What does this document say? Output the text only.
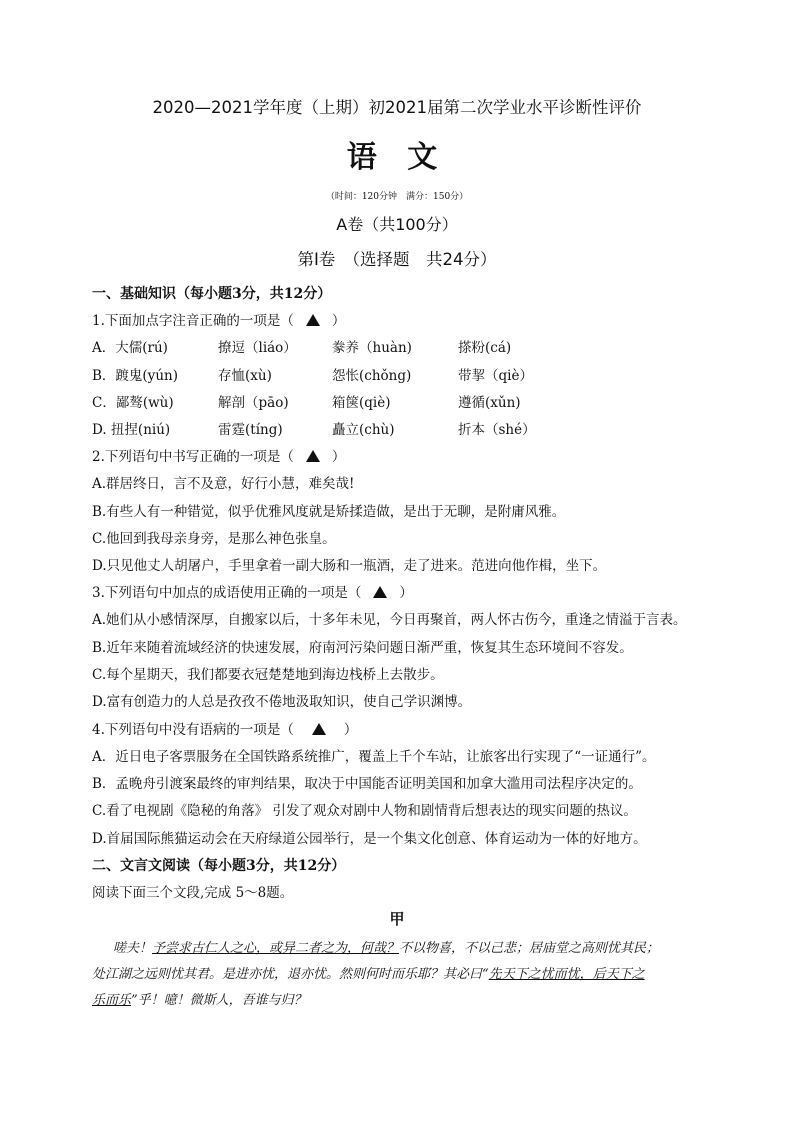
2020—2021学年度（上期）初2021届第二次学业水平诊断性评价
语 文
（时间：120分钟　满分：150分）
A卷（共100分）
第Ⅰ卷　（选择题　共24分）
一、基础知识（每小题3分，共12分）
1.下面加点字注音正确的一项是（	）
A．大儒(rú)	撩逗（liáo）	豢养（huàn)	搽粉(cá)
B．踱鬼(yún)	存恤(xù)	怨怅(chǒng)	带挈（qiè）
C．鄙骜(wù)	解剖（pāo)	箱箧(qiè)	遵循(xǔn)
D. 扭捏(niú)	雷霆(tíng)	矗立(chù)	折本（shé）
2.下列语句中书写正确的一项是（	）
A.群居终日，言不及意，好行小慧，难矣哉!
B.有些人有一种错觉，似乎优雅风度就是矫揉造做，是出于无聊，是附庸风雅。
C.他回到我母亲身旁，是那么神色张皇。
D.只见他丈人胡屠户，手里拿着一副大肠和一瓶酒，走了进来。范进向他作楫，坐下。
3.下列语句中加点的成语使用正确的一项是（	）
A.她们从小感情深厚，自搬家以后，十多年未见，今日再聚首，两人怀古伤今，重逢之情溢于言表。
B.近年来随着流域经济的快速发展，府南河污染问题日渐严重，恢复其生态环境间不容发。
C.每个星期天，我们都要衣冠楚楚地到海边栈桥上去散步。
D.富有创造力的人总是孜孜不倦地汲取知识，使自己学识渊博。
4.下列语句中没有语病的一项是（	）
A．近日电子客票服务在全国铁路系统推广，覆盖上千个车站，让旅客出行实现了“一证通行”。
B．孟晚舟引渡案最终的审判结果，取决于中国能否证明美国和加拿大滥用司法程序决定的。
C.看了电视剧《隐秘的角落》 引发了观众对剧中人物和剧情背后想表达的现实问题的热议。
D.首届国际熊猫运动会在天府绿道公园举行，是一个集文化创意、体育运动为一体的好地方。
二、文言文阅读（每小题3分，共12分）
阅读下面三个文段,完成 5～8题。
甲
　嗟夫！予尝求古仁人之心，或异二者之为，何哉？不以物喜，不以己悲；居庙堂之高则忧其民；
处江湖之远则忧其君。是进亦忧，退亦忧。然则何时而乐耶？其必曰“先天下之忧而忧，后天下之
乐而乐”乎！噫！微斯人，吾谁与归？
